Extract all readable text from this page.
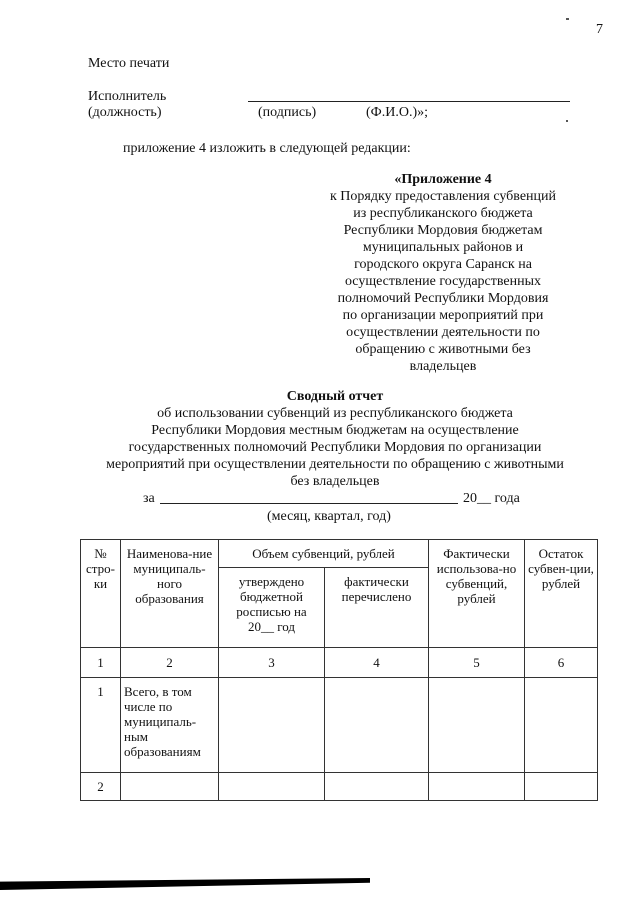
7
Место печати
Исполнитель
(должность)	(подпись)	(Ф.И.О.)»;
приложение 4 изложить в следующей редакции:
«Приложение 4
к Порядку предоставления субвенций
из республиканского бюджета
Республики Мордовия бюджетам
муниципальных районов и
городского округа Саранск на
осуществление государственных
полномочий Республики Мордовия
по организации мероприятий при
осуществлении деятельности по
обращению с животными без
владельцев
Сводный отчет
об использовании субвенций из республиканского бюджета
Республики Мордовия местным бюджетам на осуществление
государственных полномочий Республики Мордовия по организации
мероприятий при осуществлении деятельности по обращению с животными
без владельцев
за	20__ года
(месяц, квартал, год)
№ стро-ки	Наименова-ние муниципаль-ного образования	Объем субвенций, рублей		Фактически использова-но субвенций, рублей	Остаток субвен-ции, рублей
		утверждено бюджетной росписью на 20__ год	фактически перечислено		
1	2	3	4	5	6
1	Всего, в том числе по муниципаль-ным образованиям				
2					
